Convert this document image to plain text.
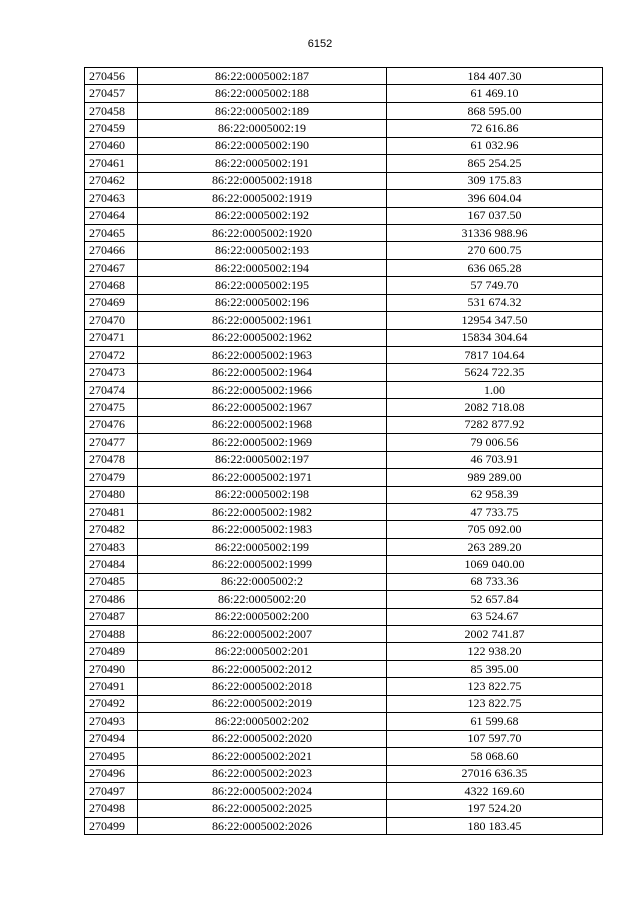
6152
270456	86:22:0005002:187	184 407.30
270457	86:22:0005002:188	61 469.10
270458	86:22:0005002:189	868 595.00
270459	86:22:0005002:19	72 616.86
270460	86:22:0005002:190	61 032.96
270461	86:22:0005002:191	865 254.25
270462	86:22:0005002:1918	309 175.83
270463	86:22:0005002:1919	396 604.04
270464	86:22:0005002:192	167 037.50
270465	86:22:0005002:1920	31336 988.96
270466	86:22:0005002:193	270 600.75
270467	86:22:0005002:194	636 065.28
270468	86:22:0005002:195	57 749.70
270469	86:22:0005002:196	531 674.32
270470	86:22:0005002:1961	12954 347.50
270471	86:22:0005002:1962	15834 304.64
270472	86:22:0005002:1963	7817 104.64
270473	86:22:0005002:1964	5624 722.35
270474	86:22:0005002:1966	1.00
270475	86:22:0005002:1967	2082 718.08
270476	86:22:0005002:1968	7282 877.92
270477	86:22:0005002:1969	79 006.56
270478	86:22:0005002:197	46 703.91
270479	86:22:0005002:1971	989 289.00
270480	86:22:0005002:198	62 958.39
270481	86:22:0005002:1982	47 733.75
270482	86:22:0005002:1983	705 092.00
270483	86:22:0005002:199	263 289.20
270484	86:22:0005002:1999	1069 040.00
270485	86:22:0005002:2	68 733.36
270486	86:22:0005002:20	52 657.84
270487	86:22:0005002:200	63 524.67
270488	86:22:0005002:2007	2002 741.87
270489	86:22:0005002:201	122 938.20
270490	86:22:0005002:2012	85 395.00
270491	86:22:0005002:2018	123 822.75
270492	86:22:0005002:2019	123 822.75
270493	86:22:0005002:202	61 599.68
270494	86:22:0005002:2020	107 597.70
270495	86:22:0005002:2021	58 068.60
270496	86:22:0005002:2023	27016 636.35
270497	86:22:0005002:2024	4322 169.60
270498	86:22:0005002:2025	197 524.20
270499	86:22:0005002:2026	180 183.45
